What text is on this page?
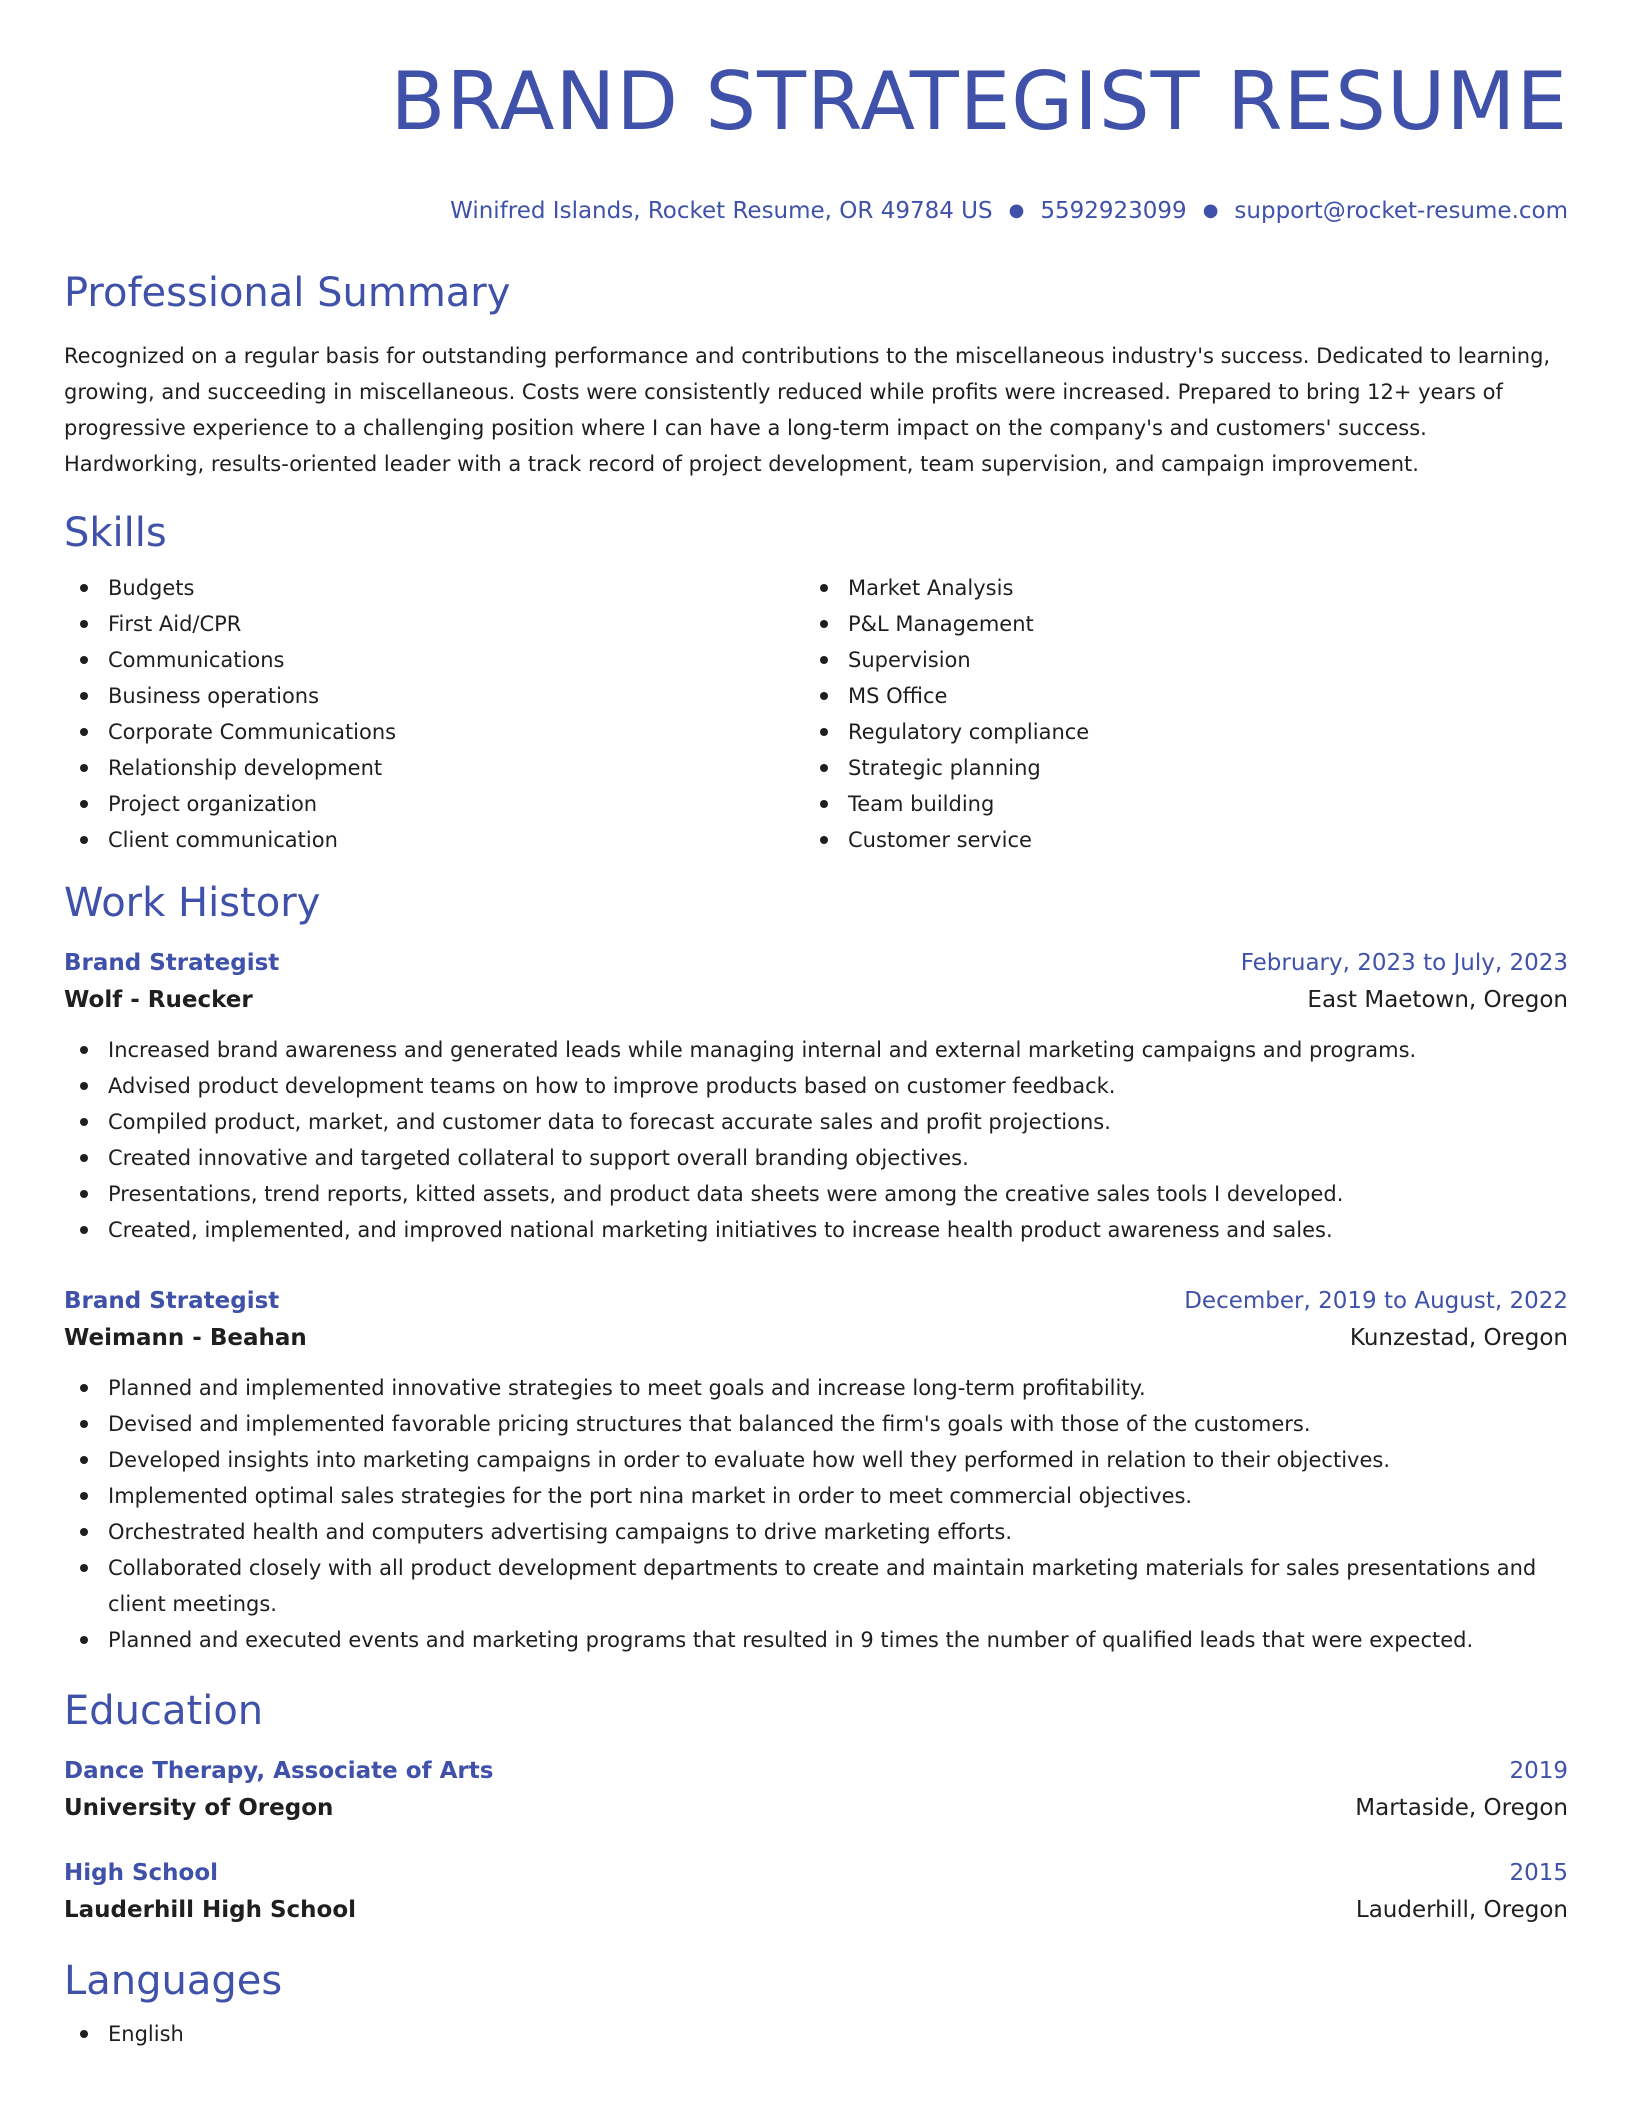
BRAND STRATEGIST RESUME
Winifred Islands, Rocket Resume, OR 49784 US ● 5592923099 ● support@rocket-resume.com
Professional Summary

Recognized on a regular basis for outstanding performance and contributions to the miscellaneous industry's success. Dedicated to learning, growing, and succeeding in miscellaneous. Costs were consistently reduced while profits were increased. Prepared to bring 12+ years of progressive experience to a challenging position where I can have a long-term impact on the company's and customers' success. Hardworking, results-oriented leader with a track record of project development, team supervision, and campaign improvement.

Skills
Budgets
First Aid/CPR
Communications
Business operations
Corporate Communications
Relationship development
Project organization
Client communication
Market Analysis
P&L Management
Supervision
MS Office
Regulatory compliance
Strategic planning
Team building
Customer service
Work History
Brand Strategist	February, 2023 to July, 2023
Wolf - Ruecker	East Maetown, Oregon
Increased brand awareness and generated leads while managing internal and external marketing campaigns and programs.
Advised product development teams on how to improve products based on customer feedback.
Compiled product, market, and customer data to forecast accurate sales and profit projections.
Created innovative and targeted collateral to support overall branding objectives.
Presentations, trend reports, kitted assets, and product data sheets were among the creative sales tools I developed.
Created, implemented, and improved national marketing initiatives to increase health product awareness and sales.
Brand Strategist	December, 2019 to August, 2022
Weimann - Beahan	Kunzestad, Oregon
Planned and implemented innovative strategies to meet goals and increase long-term profitability.
Devised and implemented favorable pricing structures that balanced the firm's goals with those of the customers.
Developed insights into marketing campaigns in order to evaluate how well they performed in relation to their objectives.
Implemented optimal sales strategies for the port nina market in order to meet commercial objectives.
Orchestrated health and computers advertising campaigns to drive marketing efforts.
Collaborated closely with all product development departments to create and maintain marketing materials for sales presentations and client meetings.
Planned and executed events and marketing programs that resulted in 9 times the number of qualified leads that were expected.
Education
Dance Therapy, Associate of Arts	2019
University of Oregon	Martaside, Oregon
High School	2015
Lauderhill High School	Lauderhill, Oregon
Languages
English
